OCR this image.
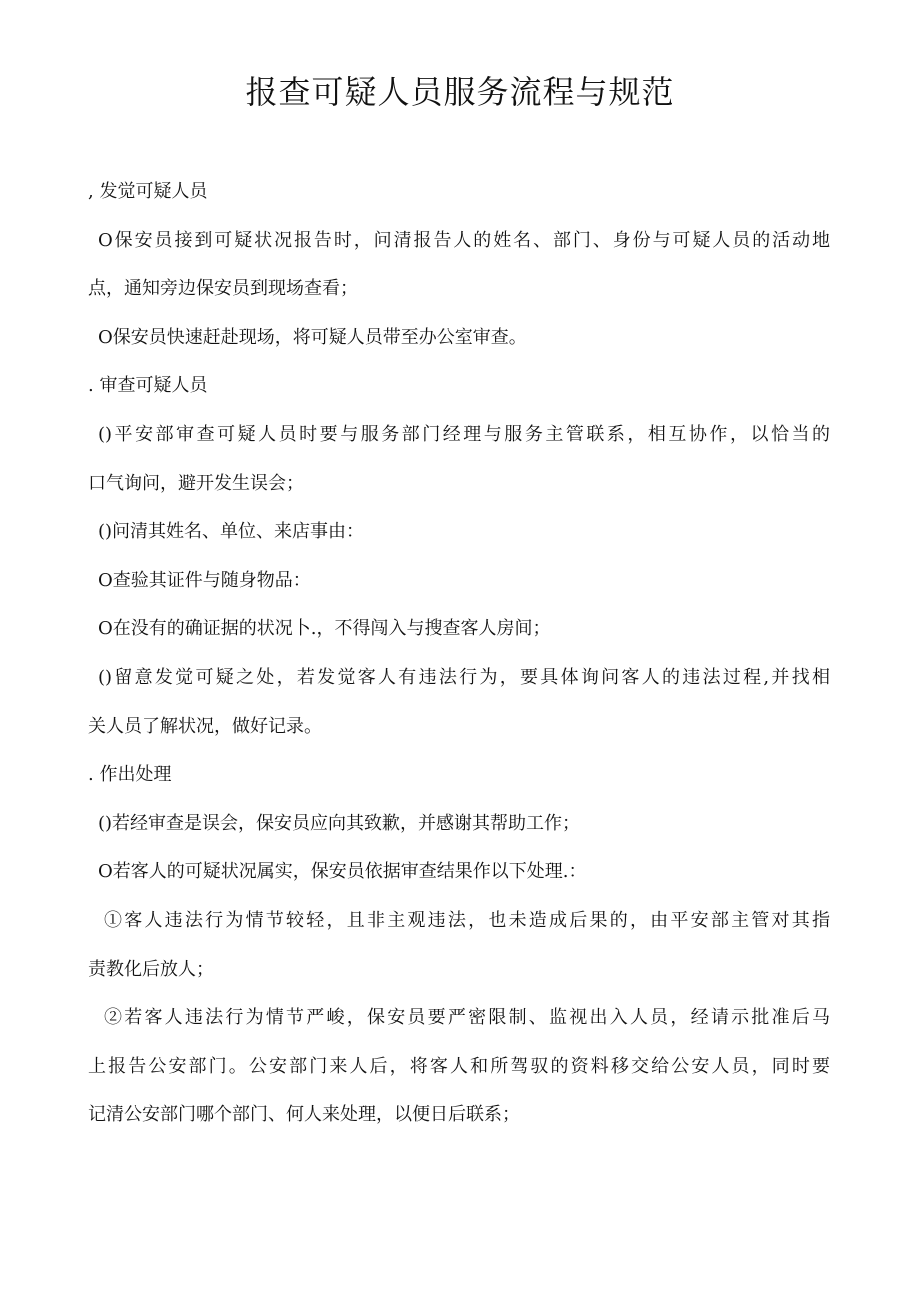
报查可疑人员服务流程与规范

, 发觉可疑人员

O保安员接到可疑状况报告时，问清报告人的姓名、部门、身份与可疑人员的活动地

点，通知旁边保安员到现场查看；

O保安员快速赶赴现场，将可疑人员带至办公室审查。

. 审查可疑人员

()平安部审查可疑人员时要与服务部门经理与服务主管联系，相互协作，以恰当的

口气询问，避开发生误会；

()问清其姓名、单位、来店事由：

O查验其证件与随身物品：

O在没有的确证据的状况卜.，不得闯入与搜查客人房间；

()留意发觉可疑之处，若发觉客人有违法行为，要具体询问客人的违法过程,并找相

关人员了解状况，做好记录。

. 作出处理

()若经审查是误会，保安员应向其致歉，并感谢其帮助工作；

O若客人的可疑状况属实，保安员依据审查结果作以下处理.：

①客人违法行为情节较轻，且非主观违法，也未造成后果的，由平安部主管对其指

责教化后放人；

②若客人违法行为情节严峻，保安员要严密限制、监视出入人员，经请示批准后马

上报告公安部门。公安部门来人后，将客人和所驾驭的资料移交给公安人员，同时要

记清公安部门哪个部门、何人来处理，以便日后联系；
